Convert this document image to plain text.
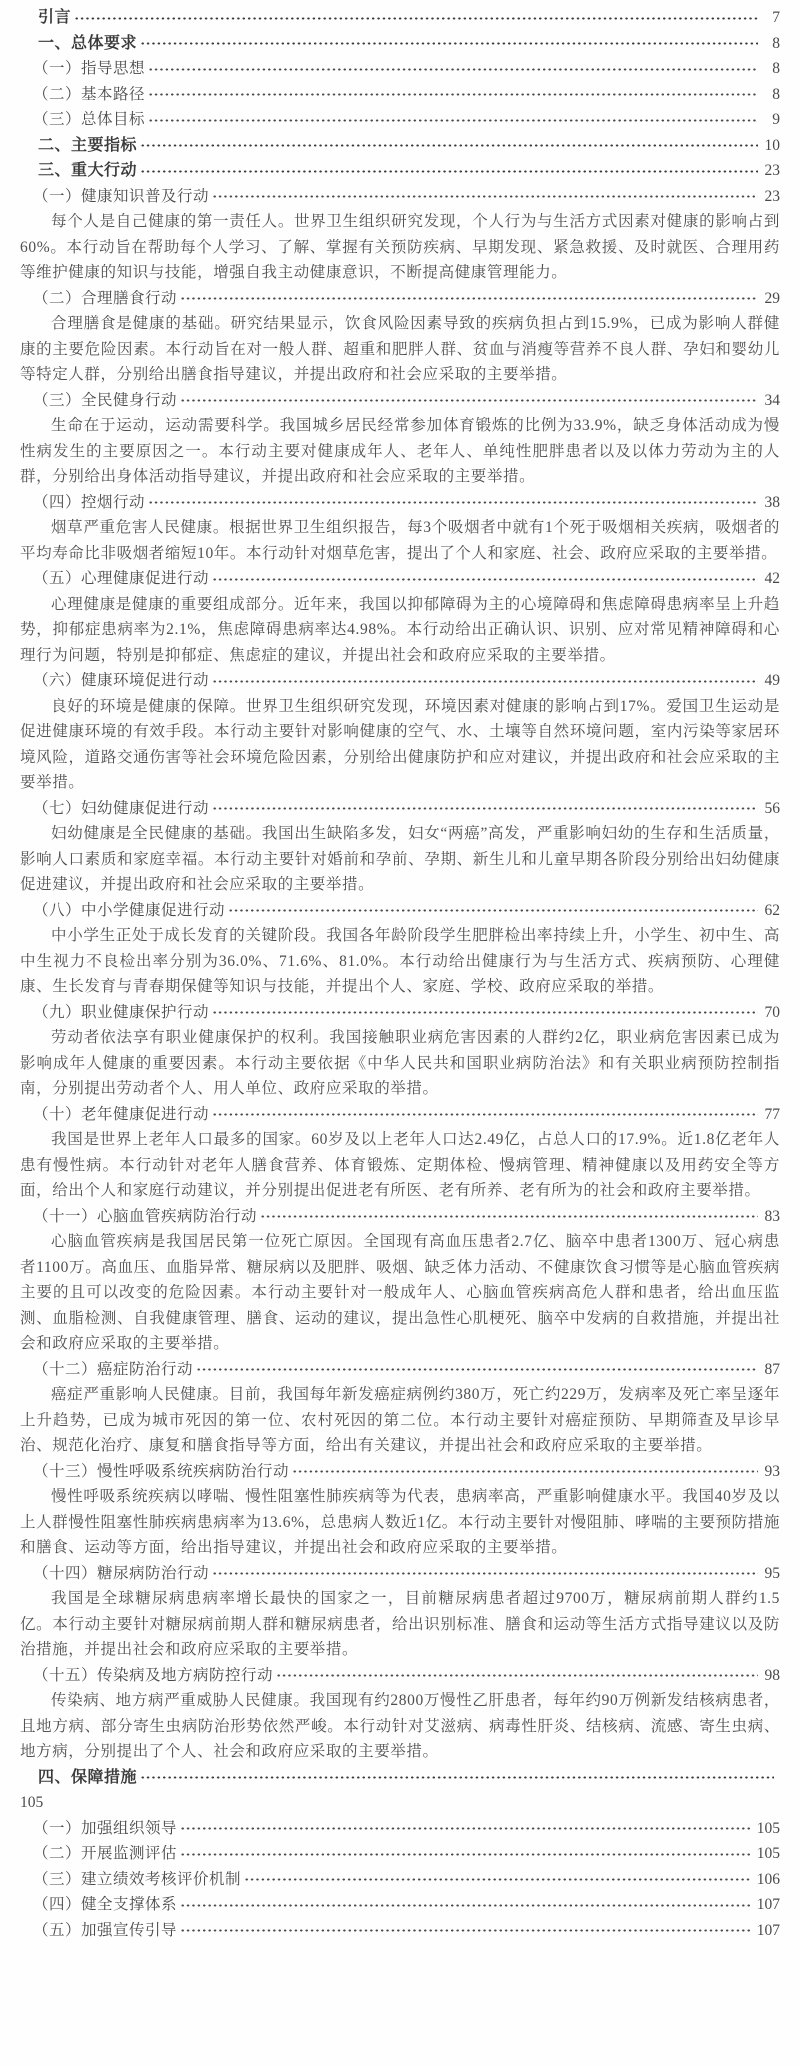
引言	7
一、总体要求	8
（一）指导思想	8
（二）基本路径	8
（三）总体目标	9
二、主要指标	10
三、重大行动	23
（一）健康知识普及行动	23

每个人是自己健康的第一责任人。世界卫生组织研究发现，个人行为与生活方式因素对健康的影响占到60%。本行动旨在帮助每个人学习、了解、掌握有关预防疾病、早期发现、紧急救援、及时就医、合理用药等维护健康的知识与技能，增强自我主动健康意识，不断提高健康管理能力。

（二）合理膳食行动	29

合理膳食是健康的基础。研究结果显示，饮食风险因素导致的疾病负担占到15.9%，已成为影响人群健康的主要危险因素。本行动旨在对一般人群、超重和肥胖人群、贫血与消瘦等营养不良人群、孕妇和婴幼儿等特定人群，分别给出膳食指导建议，并提出政府和社会应采取的主要举措。

（三）全民健身行动	34

生命在于运动，运动需要科学。我国城乡居民经常参加体育锻炼的比例为33.9%，缺乏身体活动成为慢性病发生的主要原因之一。本行动主要对健康成年人、老年人、单纯性肥胖患者以及以体力劳动为主的人群，分别给出身体活动指导建议，并提出政府和社会应采取的主要举措。

（四）控烟行动	38

烟草严重危害人民健康。根据世界卫生组织报告，每3个吸烟者中就有1个死于吸烟相关疾病，吸烟者的平均寿命比非吸烟者缩短10年。本行动针对烟草危害，提出了个人和家庭、社会、政府应采取的主要举措。

（五）心理健康促进行动	42

心理健康是健康的重要组成部分。近年来，我国以抑郁障碍为主的心境障碍和焦虑障碍患病率呈上升趋势，抑郁症患病率为2.1%，焦虑障碍患病率达4.98%。本行动给出正确认识、识别、应对常见精神障碍和心理行为问题，特别是抑郁症、焦虑症的建议，并提出社会和政府应采取的主要举措。

（六）健康环境促进行动	49

良好的环境是健康的保障。世界卫生组织研究发现，环境因素对健康的影响占到17%。爱国卫生运动是促进健康环境的有效手段。本行动主要针对影响健康的空气、水、土壤等自然环境问题，室内污染等家居环境风险，道路交通伤害等社会环境危险因素，分别给出健康防护和应对建议，并提出政府和社会应采取的主要举措。

（七）妇幼健康促进行动	56

妇幼健康是全民健康的基础。我国出生缺陷多发，妇女“两癌”高发，严重影响妇幼的生存和生活质量，影响人口素质和家庭幸福。本行动主要针对婚前和孕前、孕期、新生儿和儿童早期各阶段分别给出妇幼健康促进建议，并提出政府和社会应采取的主要举措。

（八）中小学健康促进行动	62

中小学生正处于成长发育的关键阶段。我国各年龄阶段学生肥胖检出率持续上升，小学生、初中生、高中生视力不良检出率分别为36.0%、71.6%、81.0%。本行动给出健康行为与生活方式、疾病预防、心理健康、生长发育与青春期保健等知识与技能，并提出个人、家庭、学校、政府应采取的举措。

（九）职业健康保护行动	70

劳动者依法享有职业健康保护的权利。我国接触职业病危害因素的人群约2亿，职业病危害因素已成为影响成年人健康的重要因素。本行动主要依据《中华人民共和国职业病防治法》和有关职业病预防控制指南，分别提出劳动者个人、用人单位、政府应采取的举措。

（十）老年健康促进行动	77

我国是世界上老年人口最多的国家。60岁及以上老年人口达2.49亿，占总人口的17.9%。近1.8亿老年人患有慢性病。本行动针对老年人膳食营养、体育锻炼、定期体检、慢病管理、精神健康以及用药安全等方面，给出个人和家庭行动建议，并分别提出促进老有所医、老有所养、老有所为的社会和政府主要举措。

（十一）心脑血管疾病防治行动	83

心脑血管疾病是我国居民第一位死亡原因。全国现有高血压患者2.7亿、脑卒中患者1300万、冠心病患者1100万。高血压、血脂异常、糖尿病以及肥胖、吸烟、缺乏体力活动、不健康饮食习惯等是心脑血管疾病主要的且可以改变的危险因素。本行动主要针对一般成年人、心脑血管疾病高危人群和患者，给出血压监测、血脂检测、自我健康管理、膳食、运动的建议，提出急性心肌梗死、脑卒中发病的自救措施，并提出社会和政府应采取的主要举措。

（十二）癌症防治行动	87

癌症严重影响人民健康。目前，我国每年新发癌症病例约380万，死亡约229万，发病率及死亡率呈逐年上升趋势，已成为城市死因的第一位、农村死因的第二位。本行动主要针对癌症预防、早期筛查及早诊早治、规范化治疗、康复和膳食指导等方面，给出有关建议，并提出社会和政府应采取的主要举措。

（十三）慢性呼吸系统疾病防治行动	93

慢性呼吸系统疾病以哮喘、慢性阻塞性肺疾病等为代表，患病率高，严重影响健康水平。我国40岁及以上人群慢性阻塞性肺疾病患病率为13.6%，总患病人数近1亿。本行动主要针对慢阻肺、哮喘的主要预防措施和膳食、运动等方面，给出指导建议，并提出社会和政府应采取的主要举措。

（十四）糖尿病防治行动	95

我国是全球糖尿病患病率增长最快的国家之一，目前糖尿病患者超过9700万，糖尿病前期人群约1.5亿。本行动主要针对糖尿病前期人群和糖尿病患者，给出识别标准、膳食和运动等生活方式指导建议以及防治措施，并提出社会和政府应采取的主要举措。

（十五）传染病及地方病防控行动	98

传染病、地方病严重威胁人民健康。我国现有约2800万慢性乙肝患者，每年约90万例新发结核病患者，且地方病、部分寄生虫病防治形势依然严峻。本行动针对艾滋病、病毒性肝炎、结核病、流感、寄生虫病、地方病，分别提出了个人、社会和政府应采取的主要举措。

四、保障措施
105
（一）加强组织领导	105
（二）开展监测评估	105
（三）建立绩效考核评价机制	106
（四）健全支撑体系	107
（五）加强宣传引导	107
